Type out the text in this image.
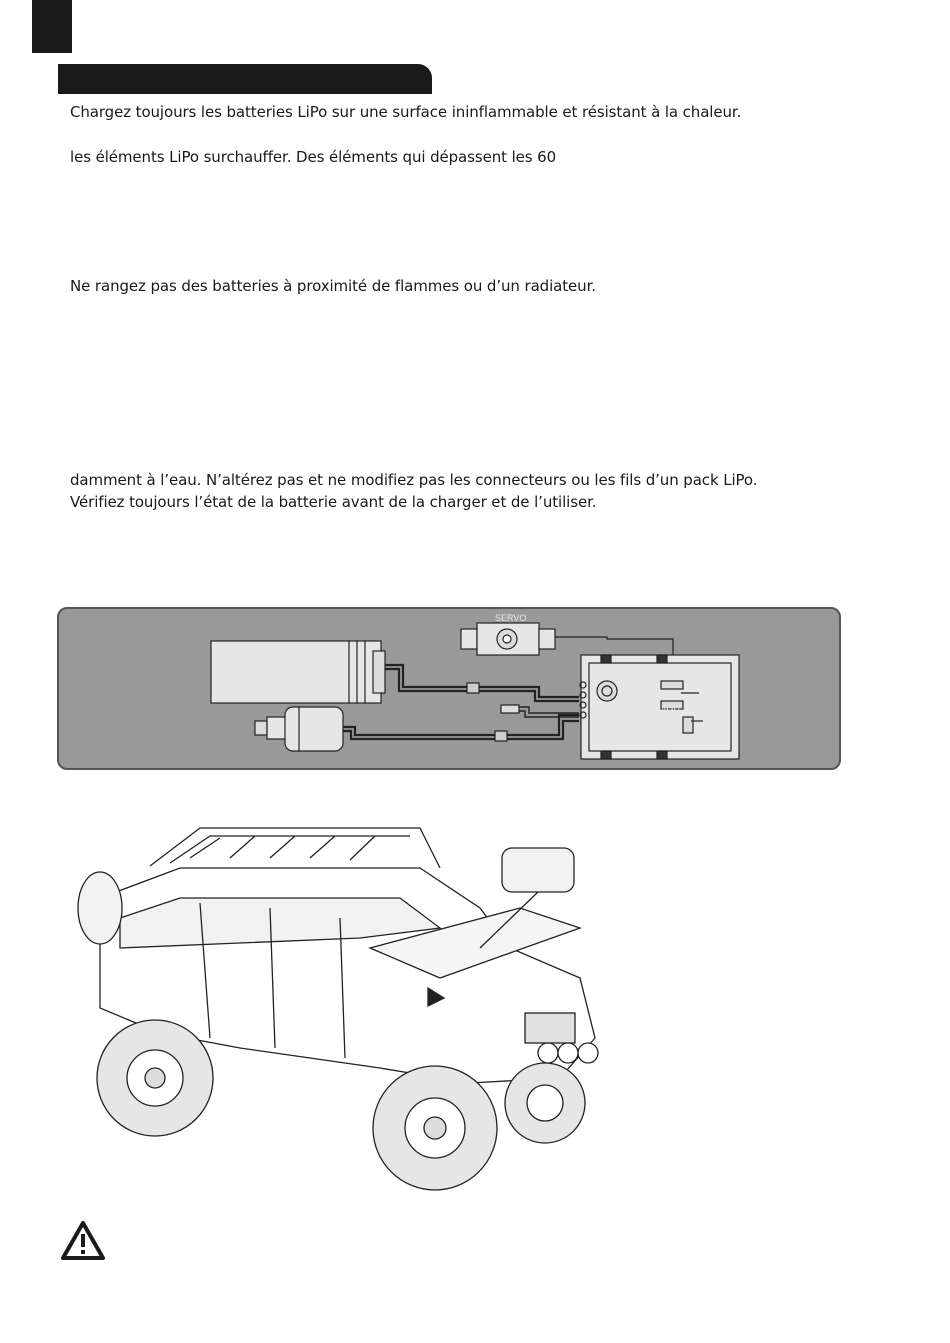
Chargez toujours les batteries LiPo sur une surface ininflammable et résistant à la chaleur.
les éléments LiPo surchauffer. Des éléments qui dépassent les 60
Ne rangez pas des batteries à proximité de flammes ou d’un radiateur.
damment à l’eau. N’altérez pas et ne modifiez pas les connecteurs ou les fils d’un pack LiPo.
Vérifiez toujours l’état de la batterie avant de la charger et de l’utiliser.
SERVO
PCB NIMH
Lipo
BIND
